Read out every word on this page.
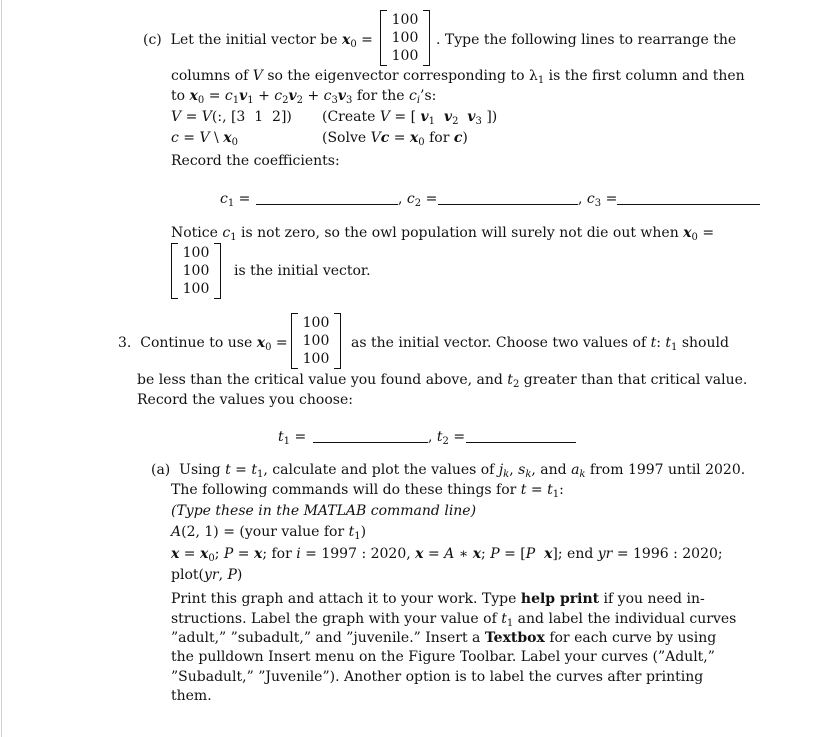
(c) Let the initial vector be $x_0$ =
100
100
100
. Type the following lines to rearrange the
columns of V so the eigenvector corresponding to $\lambda_1$ is the first column and then
to $x_0 = c_1v_1 + c_2v_2 + c_3v_3$ for the $c_i’s$:
V = V(:, [3  1  2]) (Create V = [ $v_1$ $v_2$ $v_3$ ])
c = V \ $x_0$	(Solve $Vc = x_0$ for c)
Record the coefficients:
$c_1$ =	, $c_2$ =	, $c_3$ =
Notice $c_1$ is not zero, so the owl population will surely not die out when $x_0$ =
100
100
100
is the initial vector.
3.  Continue to use $x_0$ =
100
100
100
as the initial vector. Choose two values of t: $t_1$ should
be less than the critical value you found above, and $t_2$ greater than that critical value.
Record the values you choose:
$t_1$ =	, $t_2$ =
(a)  Using $t = t_1$, calculate and plot the values of $j_k$, $s_k$, and $a_k$ from 1997 until 2020.
The following commands will do these things for $t = t_1$:
(Type these in the MATLAB command line)
A(2, 1) = (your value for $t_1$)
$x = x_0$; P = x; for i = 1997 : 2020, x = A ∗ x; P = [P x]; end yr = 1996 : 2020;
plot(yr, P)
Print this graph and attach it to your work. Type help print if you need in-
structions. Label the graph with your value of $t_1$ and label the individual curves
”adult,” ”subadult,” and ”juvenile.” Insert a Textbox for each curve by using
the pulldown Insert menu on the Figure Toolbar. Label your curves (”Adult,”
”Subadult,” ”Juvenile”). Another option is to label the curves after printing
them.
